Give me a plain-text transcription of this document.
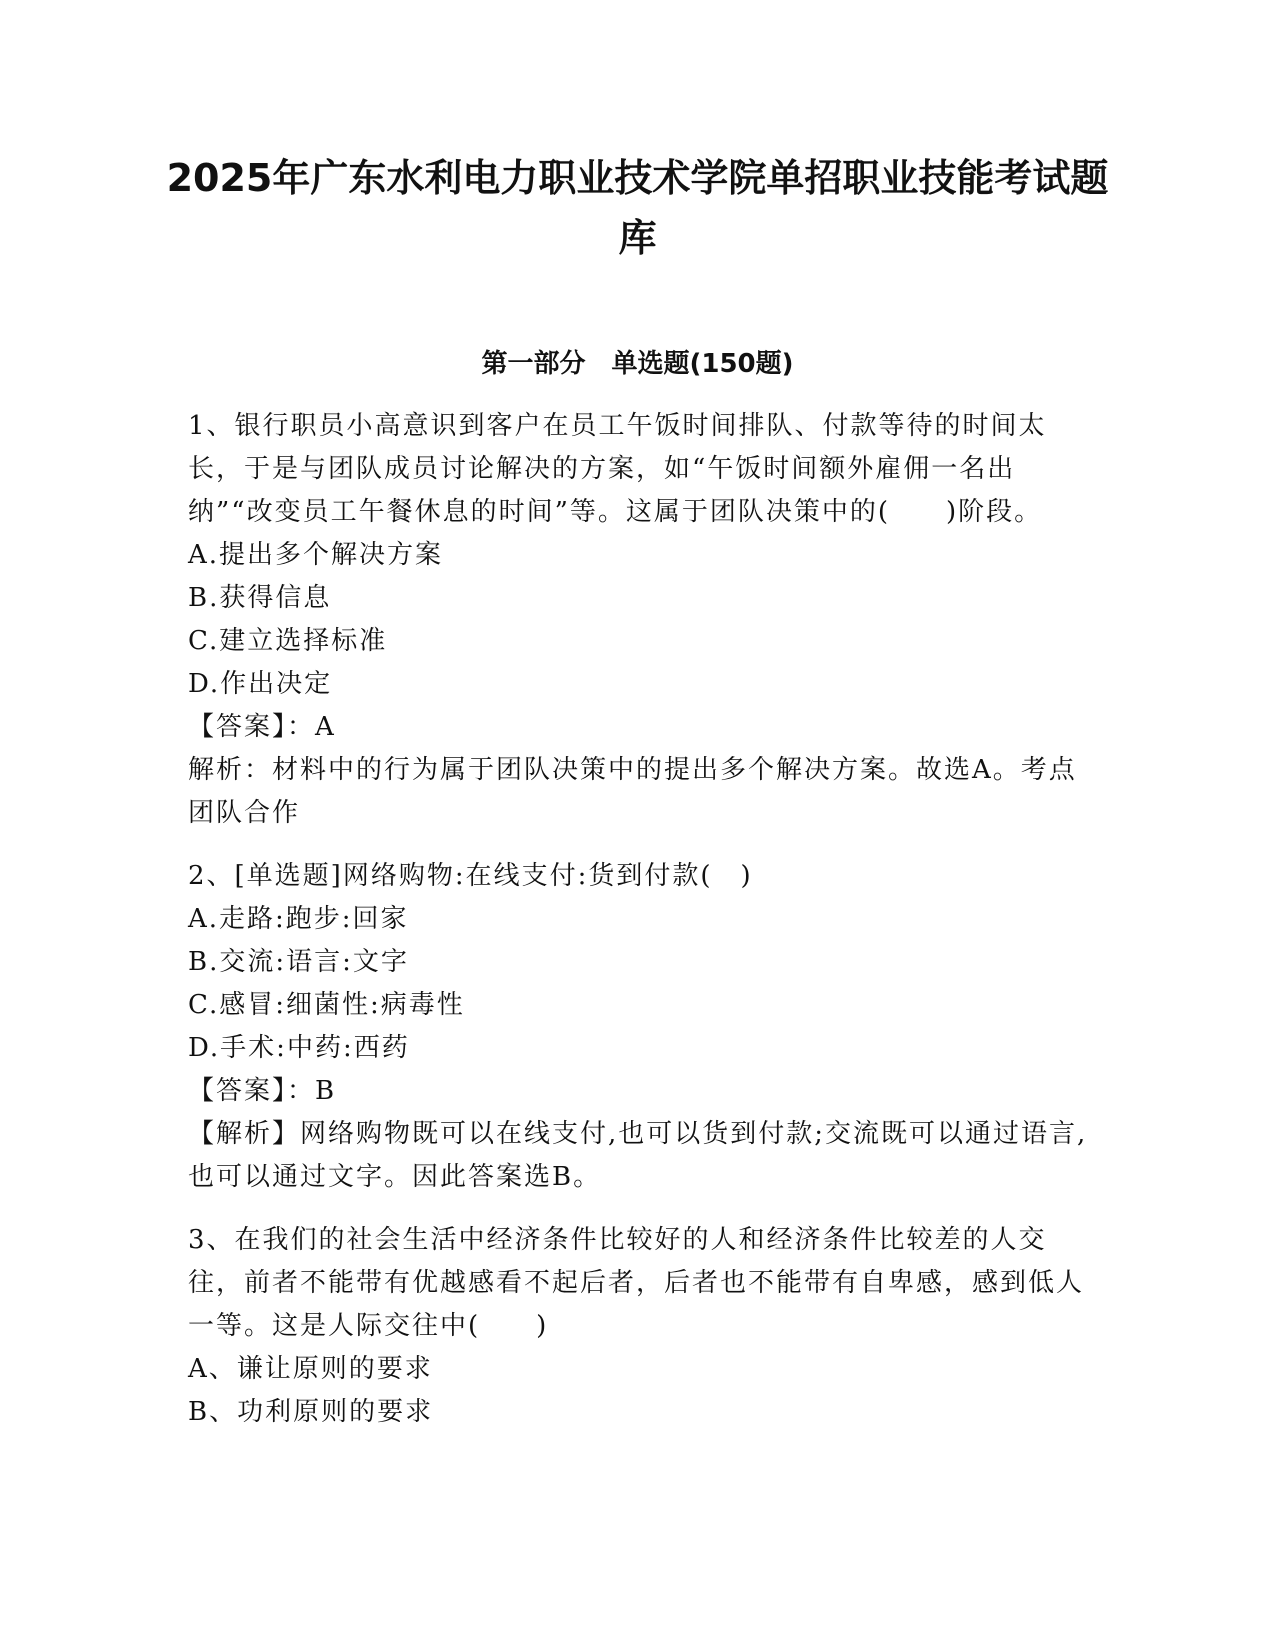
2025年广东水利电力职业技术学院单招职业技能考试题库
第一部分　单选题(150题)

1、银行职员小高意识到客户在员工午饭时间排队、付款等待的时间太长，于是与团队成员讨论解决的方案，如“午饭时间额外雇佣一名出纳”“改变员工午餐休息的时间”等。这属于团队决策中的(　　)阶段。

A.提出多个解决方案

B.获得信息

C.建立选择标准

D.作出决定

【答案】：A

解析：材料中的行为属于团队决策中的提出多个解决方案。故选A。考点团队合作

2、[单选题]网络购物:在线支付:货到付款(　)

A.走路:跑步:回家

B.交流:语言:文字

C.感冒:细菌性:病毒性

D.手术:中药:西药

【答案】：B

【解析】网络购物既可以在线支付,也可以货到付款;交流既可以通过语言,也可以通过文字。因此答案选B。

3、在我们的社会生活中经济条件比较好的人和经济条件比较差的人交往，前者不能带有优越感看不起后者，后者也不能带有自卑感，感到低人一等。这是人际交往中(　　)

A、谦让原则的要求

B、功利原则的要求
